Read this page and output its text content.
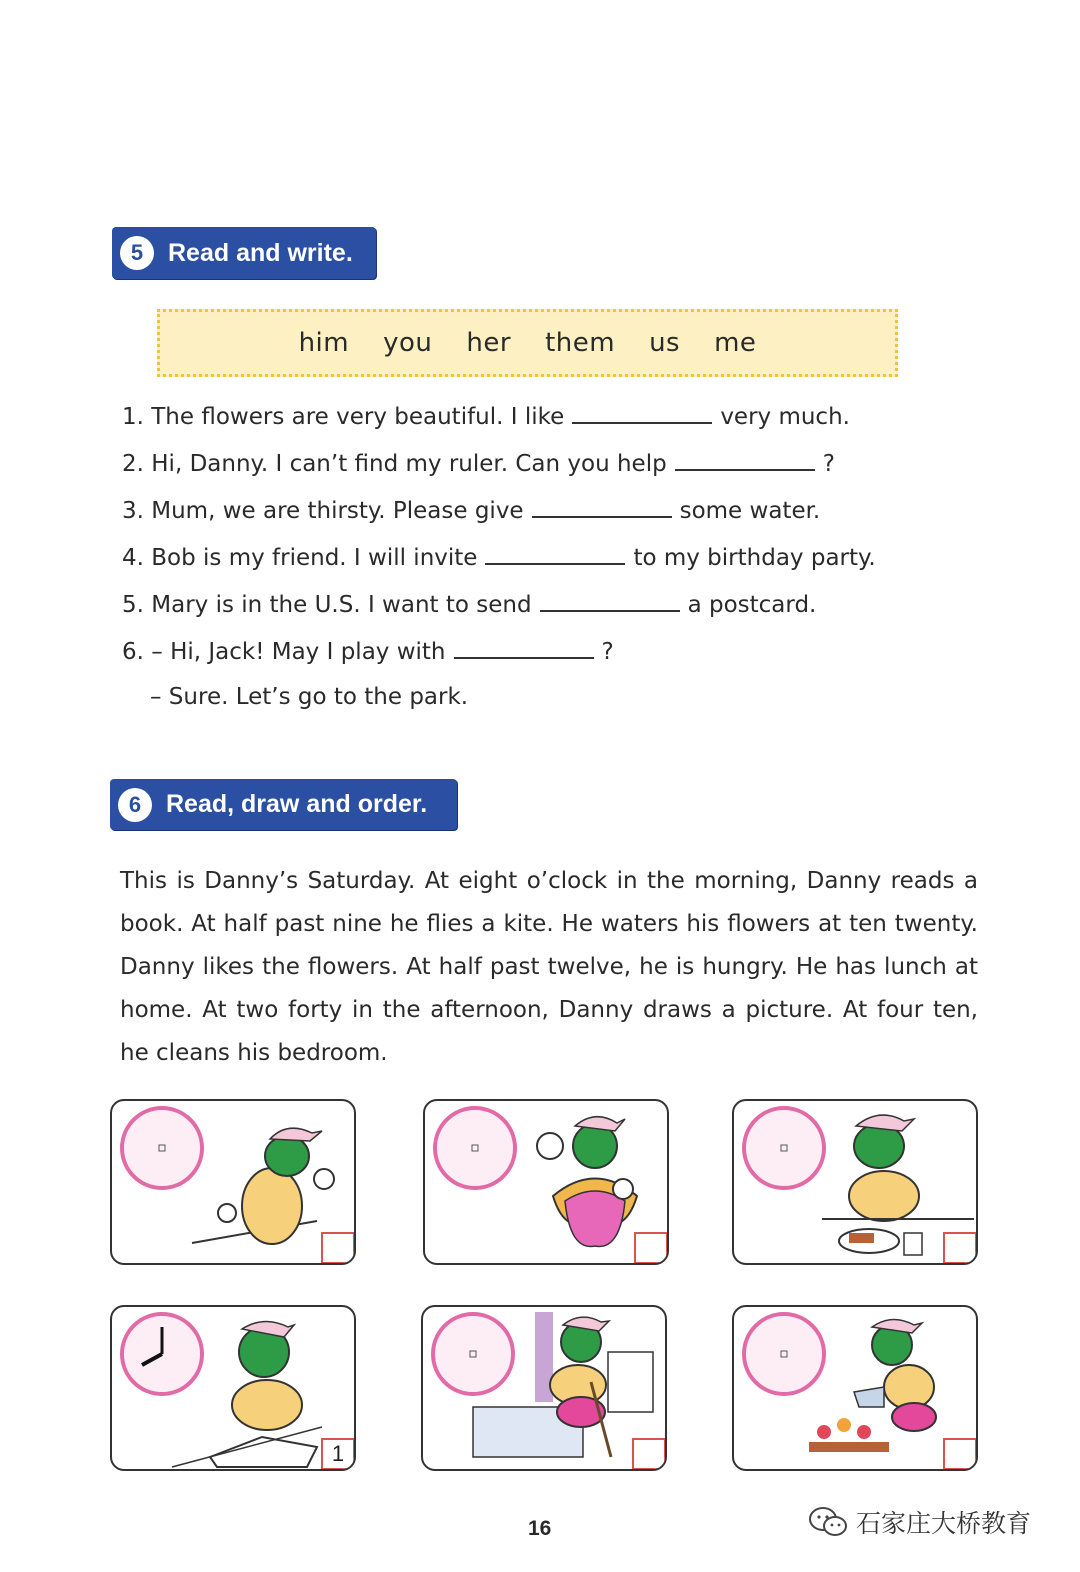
5 Read and write.
him you her them us me
1. The flowers are very beautiful. I like	very much.
2. Hi, Danny. I can’t find my ruler. Can you help	?
3. Mum, we are thirsty. Please give	some water.
4. Bob is my friend. I will invite	to my birthday party.
5. Mary is in the U.S. I want to send	a postcard.
6. – Hi, Jack! May I play with	?
– Sure. Let’s go to the park.
6 Read, draw and order.
This is Danny’s Saturday. At eight o’clock in the morning, Danny reads a book. At half past nine he flies a kite. He waters his flowers at ten twenty. Danny likes the flowers. At half past twelve, he is hungry. He has lunch at home. At two forty in the afternoon, Danny draws a picture. At four ten, he cleans his bedroom.
1
16	石家庄大桥教育
